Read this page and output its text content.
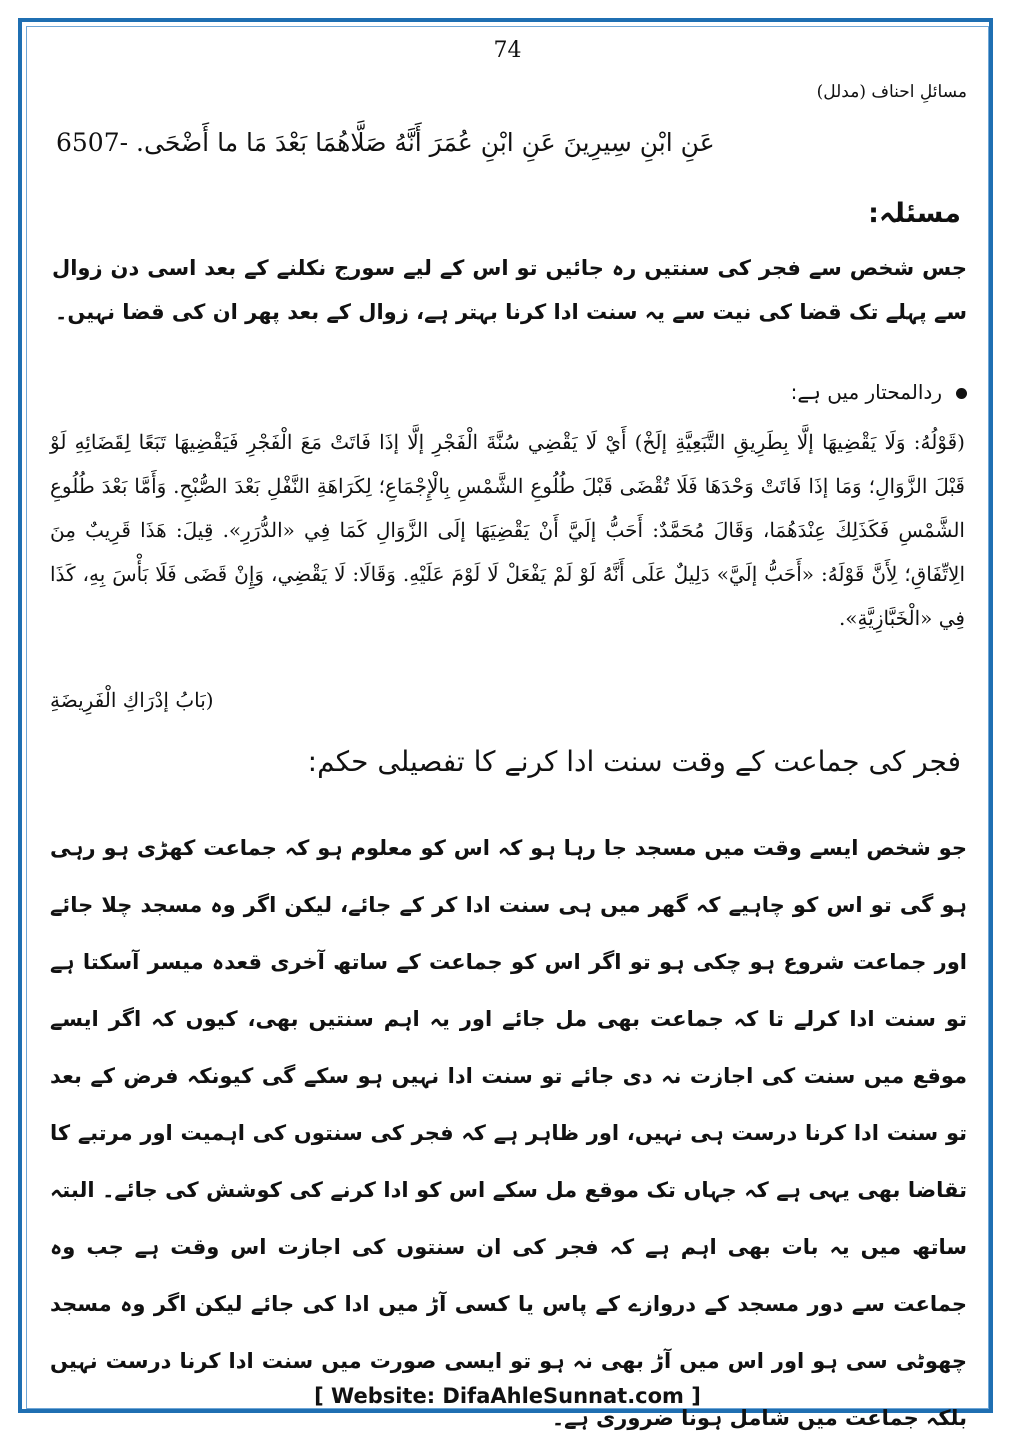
74
مسائلِ احناف (مدلل)
6507- عَنِ ابْنِ سِيرِينَ عَنِ ابْنِ عُمَرَ أَنَّهُ صَلَّاهُمَا بَعْدَ مَا ما أَضْحَى.
مسئلہ:
جس شخص سے فجر کی سنتیں رہ جائیں تو اس کے لیے سورج نکلنے کے بعد اسی دن زوال سے پہلے تک قضا کی نیت سے یہ سنت ادا کرنا بہتر ہے، زوال کے بعد پھر ان کی قضا نہیں۔
ردالمحتار میں ہے:
(قَوْلُهُ: وَلَا يَقْضِيهَا إلَّا بِطَرِيقِ التَّبَعِيَّةِ إلَخْ) أَيْ لَا يَقْضِي سُنَّةَ الْفَجْرِ إلَّا إذَا فَاتَتْ مَعَ الْفَجْرِ فَيَقْضِيهَا تَبَعًا لِقَضَائِهِ لَوْ قَبْلَ الزَّوَالِ؛ وَمَا إذَا فَاتَتْ وَحْدَهَا فَلَا تُقْضَى قَبْلَ طُلُوعِ الشَّمْسِ بِالْإِجْمَاعِ؛ لِكَرَاهَةِ النَّفْلِ بَعْدَ الصُّبْحِ. وَأَمَّا بَعْدَ طُلُوعِ الشَّمْسِ فَكَذَلِكَ عِنْدَهُمَا، وَقَالَ مُحَمَّدٌ: أَحَبُّ إلَيَّ أَنْ يَقْضِيَهَا إلَى الزَّوَالِ كَمَا فِي «الدُّرَرِ». قِيلَ: هَذَا قَرِيبٌ مِنَ الِاتِّفَاقِ؛ لِأَنَّ قَوْلَهُ: «أَحَبُّ إلَيَّ» دَلِيلٌ عَلَى أَنَّهُ لَوْ لَمْ يَفْعَلْ لَا لَوْمَ عَلَيْهِ. وَقَالَا: لَا يَقْضِي، وَإِنْ قَضَى فَلَا بَأْسَ بِهِ، كَذَا فِي «الْخَبَّازِيَّةِ».
(بَابُ إدْرَاكِ الْفَرِيضَةِ
فجر کی جماعت کے وقت سنت ادا کرنے کا تفصیلی حکم:
جو شخص ایسے وقت میں مسجد جا رہا ہو کہ اس کو معلوم ہو کہ جماعت کھڑی ہو رہی ہو گی تو اس کو چاہیے کہ گھر میں ہی سنت ادا کر کے جائے، لیکن اگر وہ مسجد چلا جائے اور جماعت شروع ہو چکی ہو تو اگر اس کو جماعت کے ساتھ آخری قعدہ میسر آسکتا ہے تو سنت ادا کرلے تا کہ جماعت بھی مل جائے اور یہ اہم سنتیں بھی، کیوں کہ اگر ایسے موقع میں سنت کی اجازت نہ دی جائے تو سنت ادا نہیں ہو سکے گی کیونکہ فرض کے بعد تو سنت ادا کرنا درست ہی نہیں، اور ظاہر ہے کہ فجر کی سنتوں کی اہمیت اور مرتبے کا تقاضا بھی یہی ہے کہ جہاں تک موقع مل سکے اس کو ادا کرنے کی کوشش کی جائے۔ البتہ ساتھ میں یہ بات بھی اہم ہے کہ فجر کی ان سنتوں کی اجازت اس وقت ہے جب وہ جماعت سے دور مسجد کے دروازے کے پاس یا کسی آڑ میں ادا کی جائے لیکن اگر وہ مسجد چھوٹی سی ہو اور اس میں آڑ بھی نہ ہو تو ایسی صورت میں سنت ادا کرنا درست نہیں بلکہ جماعت میں شامل ہونا ضروری ہے۔
[ Website: DifaAhleSunnat.com ]
